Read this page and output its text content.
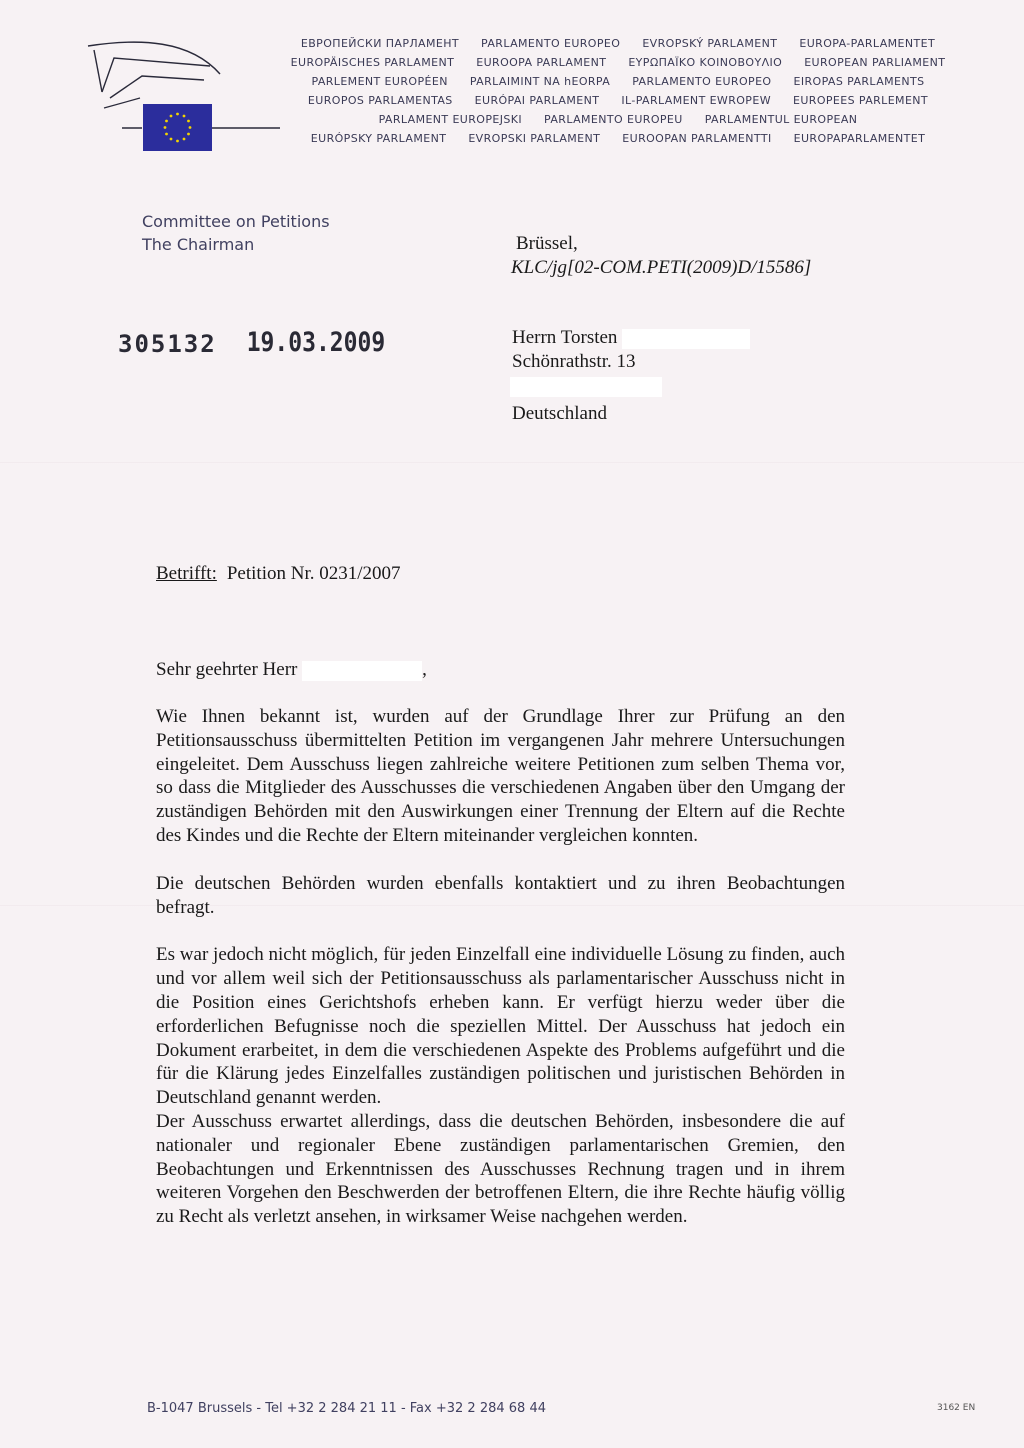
ЕВРОПЕЙСКИ ПАРЛАМЕНТ PARLAMENTO EUROPEO EVROPSKÝ PARLAMENT EUROPA-PARLAMENTET
EUROPÄISCHES PARLAMENT EUROOPA PARLAMENT ΕΥΡΩΠΑΪΚΟ ΚΟΙΝΟΒΟΥΛΙΟ EUROPEAN PARLIAMENT
PARLEMENT EUROPÉEN PARLAIMINT NA hEORPA PARLAMENTO EUROPEO EIROPAS PARLAMENTS
EUROPOS PARLAMENTAS EURÓPAI PARLAMENT IL-PARLAMENT EWROPEW EUROPEES PARLEMENT
PARLAMENT EUROPEJSKI PARLAMENTO EUROPEU PARLAMENTUL EUROPEAN
EURÓPSKY PARLAMENT EVROPSKI PARLAMENT EUROOPAN PARLAMENTTI EUROPAPARLAMENTET
Committee on Petitions
The Chairman	Brüssel,
KLC/jg[02-COM.PETI(2009)D/15586]
305132 19.03.2009	Herrn Torsten
Schönrathstr. 13
Deutschland
Betrifft: Petition Nr. 0231/2007
Sehr geehrter Herr	,

Wie Ihnen bekannt ist, wurden auf der Grundlage Ihrer zur Prüfung an den Petitionsausschuss übermittelten Petition im vergangenen Jahr mehrere Untersuchungen eingeleitet. Dem Ausschuss liegen zahlreiche weitere Petitionen zum selben Thema vor, so dass die Mitglieder des Ausschusses die verschiedenen Angaben über den Umgang der zuständigen Behörden mit den Auswirkungen einer Trennung der Eltern auf die Rechte des Kindes und die Rechte der Eltern miteinander vergleichen konnten.

Die deutschen Behörden wurden ebenfalls kontaktiert und zu ihren Beobachtungen befragt.

Es war jedoch nicht möglich, für jeden Einzelfall eine individuelle Lösung zu finden, auch und vor allem weil sich der Petitionsausschuss als parlamentarischer Ausschuss nicht in die Position eines Gerichtshofs erheben kann. Er verfügt hierzu weder über die erforderlichen Befugnisse noch die speziellen Mittel. Der Ausschuss hat jedoch ein Dokument erarbeitet, in dem die verschiedenen Aspekte des Problems aufgeführt und die für die Klärung jedes Einzelfalles zuständigen politischen und juristischen Behörden in Deutschland genannt werden.

Der Ausschuss erwartet allerdings, dass die deutschen Behörden, insbesondere die auf nationaler und regionaler Ebene zuständigen parlamentarischen Gremien, den Beobachtungen und Erkenntnissen des Ausschusses Rechnung tragen und in ihrem weiteren Vorgehen den Beschwerden der betroffenen Eltern, die ihre Rechte häufig völlig zu Recht als verletzt ansehen, in wirksamer Weise nachgehen werden.

B-1047 Brussels - Tel +32 2 284 21 11 - Fax +32 2 284 68 44	3162 EN
